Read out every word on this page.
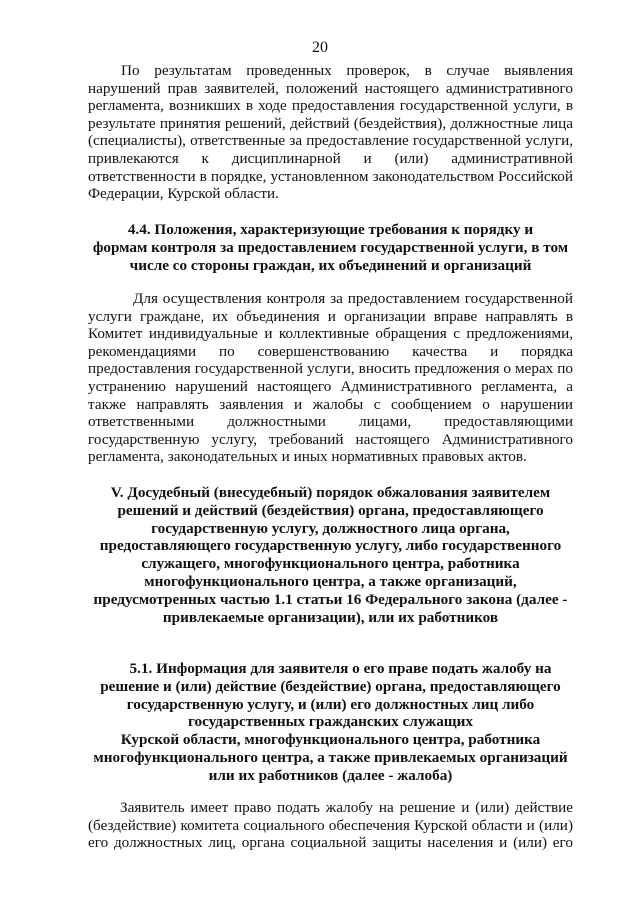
20
По результатам проведенных проверок, в случае выявления
нарушений прав заявителей, положений настоящего административного
регламента, возникших в ходе предоставления государственной услуги, в
результате принятия решений, действий (бездействия), должностные лица
(специалисты), ответственные за предоставление государственной услуги,
привлекаются к дисциплинарной и (или) административной
ответственности в порядке, установленном законодательством Российской
Федерации, Курской области.
4.4. Положения, характеризующие требования к порядку и
формам контроля за предоставлением государственной услуги, в том
числе со стороны граждан, их объединений и организаций
Для осуществления контроля за предоставлением государственной
услуги граждане, их объединения и организации вправе направлять в
Комитет индивидуальные и коллективные обращения с предложениями,
рекомендациями по совершенствованию качества и порядка
предоставления государственной услуги, вносить предложения о мерах по
устранению нарушений настоящего Административного регламента, а
также направлять заявления и жалобы с сообщением о нарушении
ответственными должностными лицами, предоставляющими
государственную услугу, требований настоящего Административного
регламента, законодательных и иных нормативных правовых актов.
V. Досудебный (внесудебный) порядок обжалования заявителем
решений и действий (бездействия) органа, предоставляющего
государственную услугу, должностного лица органа,
предоставляющего государственную услугу, либо государственного
служащего, многофункционального центра, работника
многофункционального центра, а также организаций,
предусмотренных частью 1.1 статьи 16 Федерального закона (далее -
привлекаемые организации), или их работников
5.1. Информация для заявителя о его праве подать жалобу на
решение и (или) действие (бездействие) органа, предоставляющего
государственную услугу, и (или) его должностных лиц либо
государственных гражданских служащих
Курской области, многофункционального центра, работника
многофункционального центра, а также привлекаемых организаций
или их работников (далее - жалоба)
Заявитель имеет право подать жалобу на решение и (или) действие
(бездействие) комитета социального обеспечения Курской области и (или)
его должностных лиц, органа социальной защиты населения и (или) его
